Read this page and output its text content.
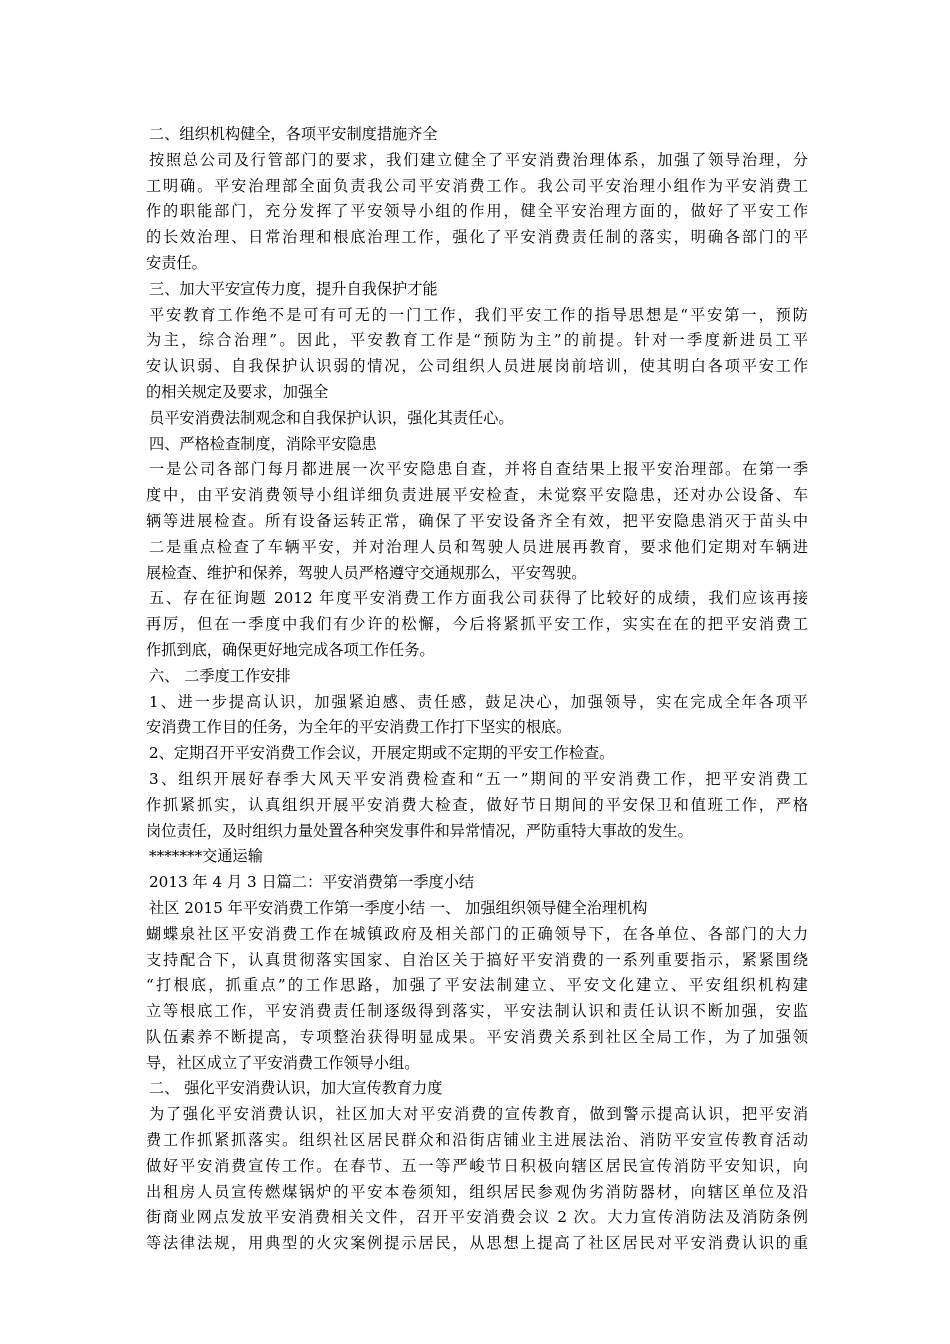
二、组织机构健全，各项平安制度措施齐全
按照总公司及行管部门的要求，我们建立健全了平安消费治理体系，加强了领导治理，分
工明确。平安治理部全面负责我公司平安消费工作。我公司平安治理小组作为平安消费工
作的职能部门，充分发挥了平安领导小组的作用，健全平安治理方面的，做好了平安工作
的长效治理、日常治理和根底治理工作，强化了平安消费责任制的落实，明确各部门的平
安责任。
三、加大平安宣传力度，提升自我保护才能
平安教育工作绝不是可有可无的一门工作，我们平安工作的指导思想是“平安第一，预防
为主，综合治理”。因此，平安教育工作是“预防为主”的前提。针对一季度新进员工平
安认识弱、自我保护认识弱的情况，公司组织人员进展岗前培训，使其明白各项平安工作
的相关规定及要求，加强全
员平安消费法制观念和自我保护认识，强化其责任心。
四、严格检查制度，消除平安隐患
一是公司各部门每月都进展一次平安隐患自查，并将自查结果上报平安治理部。在第一季
度中，由平安消费领导小组详细负责进展平安检查，未觉察平安隐患，还对办公设备、车
辆等进展检查。所有设备运转正常，确保了平安设备齐全有效，把平安隐患消灭于苗头中
二是重点检查了车辆平安，并对治理人员和驾驶人员进展再教育，要求他们定期对车辆进
展检查、维护和保养，驾驶人员严格遵守交通规那么，平安驾驶。
五、存在征询题 2012 年度平安消费工作方面我公司获得了比较好的成绩，我们应该再接
再厉，但在一季度中我们有少许的松懈，今后将紧抓平安工作，实实在在的把平安消费工
作抓到底，确保更好地完成各项工作任务。
六、 二季度工作安排
1、进一步提高认识，加强紧迫感、责任感，鼓足决心，加强领导，实在完成全年各项平
安消费工作目的任务，为全年的平安消费工作打下坚实的根底。
2、定期召开平安消费工作会议，开展定期或不定期的平安工作检查。
3、组织开展好春季大风天平安消费检查和“五一”期间的平安消费工作，把平安消费工
作抓紧抓实，认真组织开展平安消费大检查，做好节日期间的平安保卫和值班工作，严格
岗位责任，及时组织力量处置各种突发事件和异常情况，严防重特大事故的发生。
*******交通运输
2013 年 4 月 3 日篇二：平安消费第一季度小结
社区 2015 年平安消费工作第一季度小结 一、 加强组织领导健全治理机构
蝴蝶泉社区平安消费工作在城镇政府及相关部门的正确领导下，在各单位、各部门的大力
支持配合下，认真贯彻落实国家、自治区关于搞好平安消费的一系列重要指示，紧紧围绕
“打根底，抓重点”的工作思路，加强了平安法制建立、平安文化建立、平安组织机构建
立等根底工作，平安消费责任制逐级得到落实，平安法制认识和责任认识不断加强，安监
队伍素养不断提高，专项整治获得明显成果。平安消费关系到社区全局工作，为了加强领
导，社区成立了平安消费工作领导小组。
二、 强化平安消费认识，加大宣传教育力度
为了强化平安消费认识，社区加大对平安消费的宣传教育，做到警示提高认识，把平安消
费工作抓紧抓落实。组织社区居民群众和沿街店铺业主进展法治、消防平安宣传教育活动
做好平安消费宣传工作。在春节、五一等严峻节日积极向辖区居民宣传消防平安知识，向
出租房人员宣传燃煤锅炉的平安本卷须知，组织居民参观伪劣消防器材，向辖区单位及沿
街商业网点发放平安消费相关文件，召开平安消费会议 2 次。大力宣传消防法及消防条例
等法律法规，用典型的火灾案例提示居民，从思想上提高了社区居民对平安消费认识的重
